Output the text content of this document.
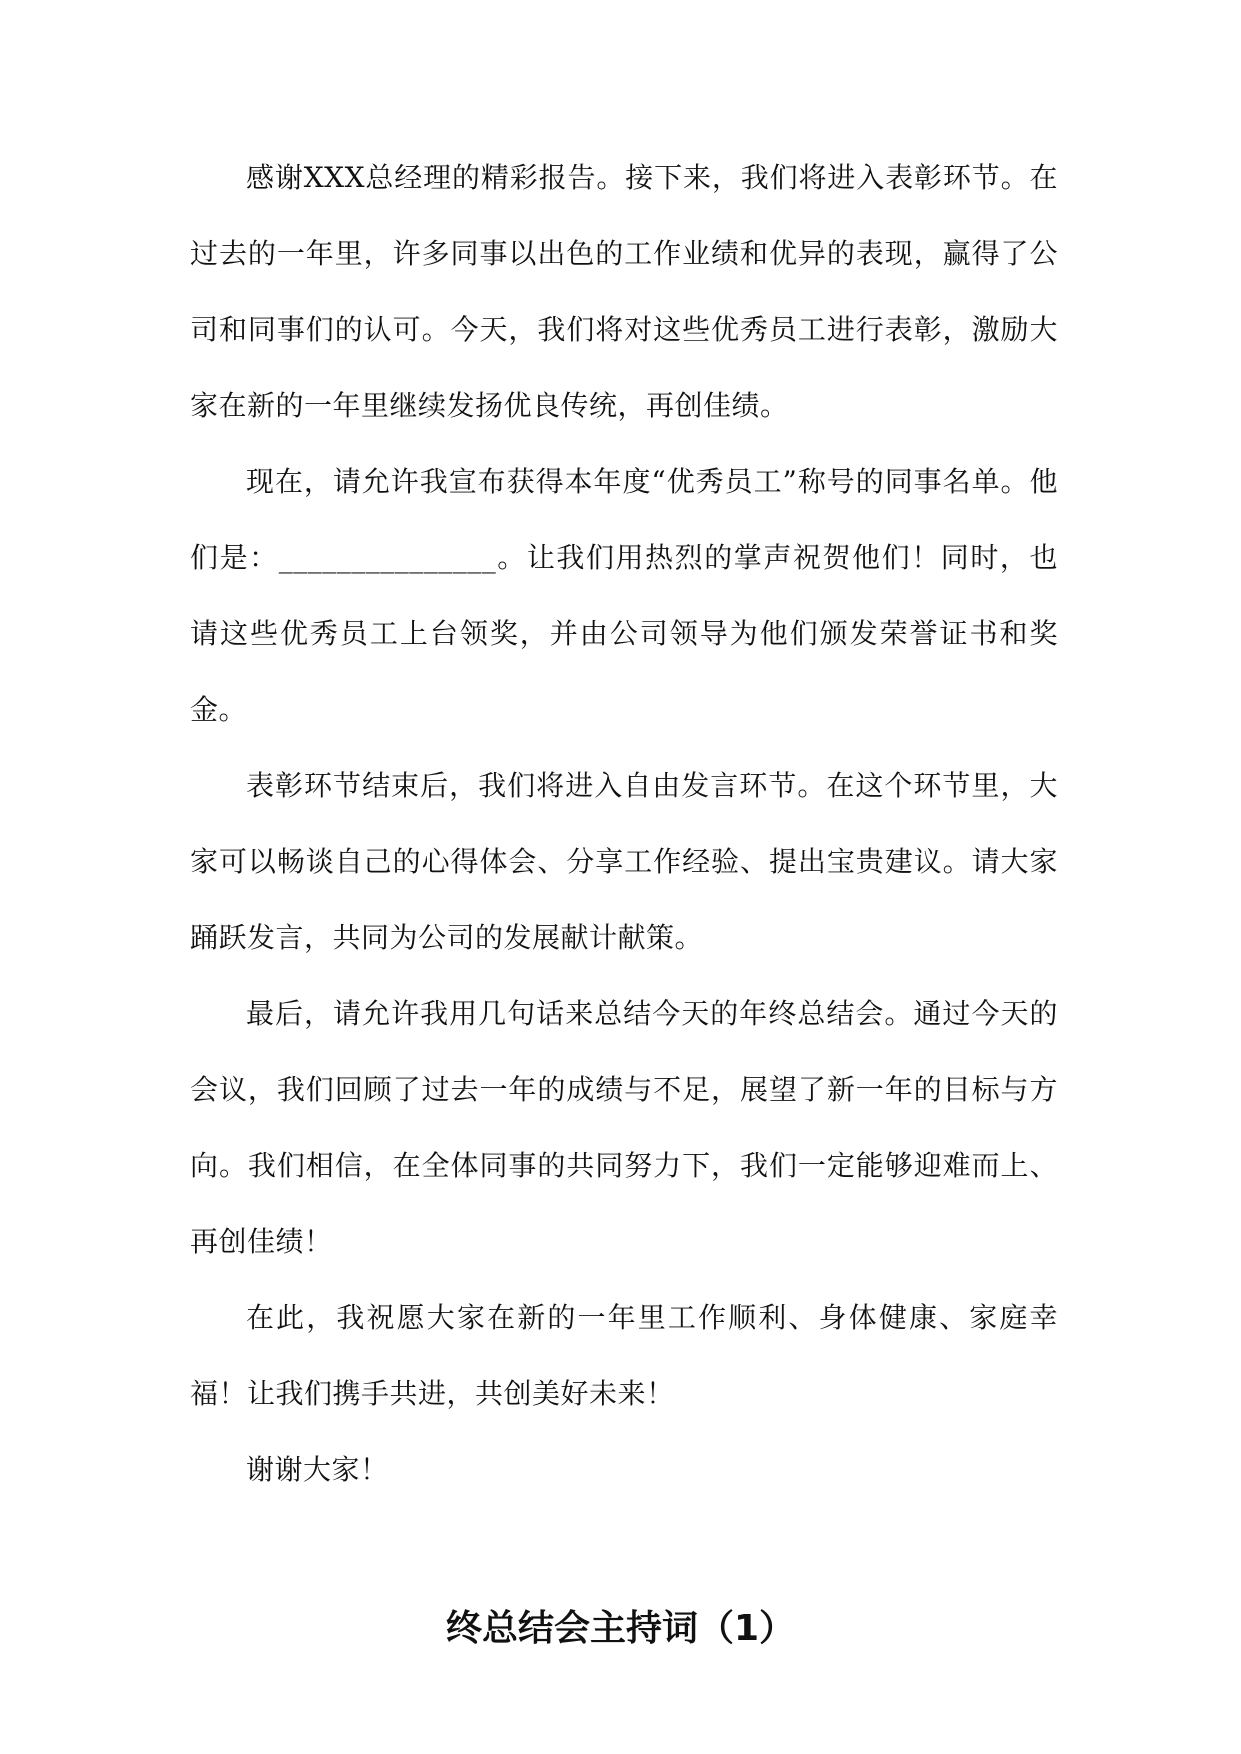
感谢XXX总经理的精彩报告。接下来，我们将进入表彰环节。在过去的一年里，许多同事以出色的工作业绩和优异的表现，赢得了公司和同事们的认可。今天，我们将对这些优秀员工进行表彰，激励大家在新的一年里继续发扬优良传统，再创佳绩。

现在，请允许我宣布获得本年度“优秀员工”称号的同事名单。他们是：_______________。让我们用热烈的掌声祝贺他们！同时，也请这些优秀员工上台领奖，并由公司领导为他们颁发荣誉证书和奖金。

表彰环节结束后，我们将进入自由发言环节。在这个环节里，大家可以畅谈自己的心得体会、分享工作经验、提出宝贵建议。请大家踊跃发言，共同为公司的发展献计献策。

最后，请允许我用几句话来总结今天的年终总结会。通过今天的会议，我们回顾了过去一年的成绩与不足，展望了新一年的目标与方向。我们相信，在全体同事的共同努力下，我们一定能够迎难而上、再创佳绩！

在此，我祝愿大家在新的一年里工作顺利、身体健康、家庭幸福！让我们携手共进，共创美好未来！

谢谢大家！

终总结会主持词（1）
